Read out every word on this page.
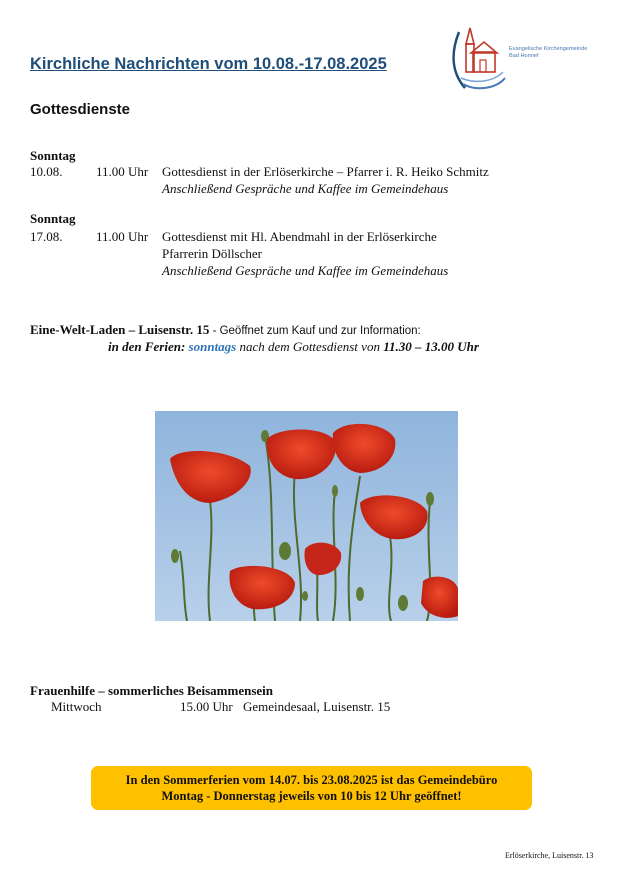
Kirchliche Nachrichten vom 10.08.-17.08.2025
Evangelische Kirchengemeinde
Bad Honnef
Gottesdienste
Sonntag
10.08.	11.00 Uhr Gottesdienst in der Erlöserkirche – Pfarrer i. R. Heiko Schmitz
Anschließend Gespräche und Kaffee im Gemeindehaus
Sonntag
17.08.	11.00 Uhr Gottesdienst mit Hl. Abendmahl in der Erlöserkirche
Pfarrerin Döllscher
Anschließend Gespräche und Kaffee im Gemeindehaus
Eine-Welt-Laden – Luisenstr. 15 - Geöffnet zum Kauf und zur Information:
in den Ferien: sonntags nach dem Gottesdienst von 11.30 – 13.00 Uhr
Frauenhilfe – sommerliches Beisammensein
Mittwoch	15.00 Uhr Gemeindesaal, Luisenstr. 15
In den Sommerferien vom 14.07. bis 23.08.2025 ist das Gemeindebüro
Montag - Donnerstag jeweils von 10 bis 12 Uhr geöffnet!
Erlöserkirche, Luisenstr. 13
